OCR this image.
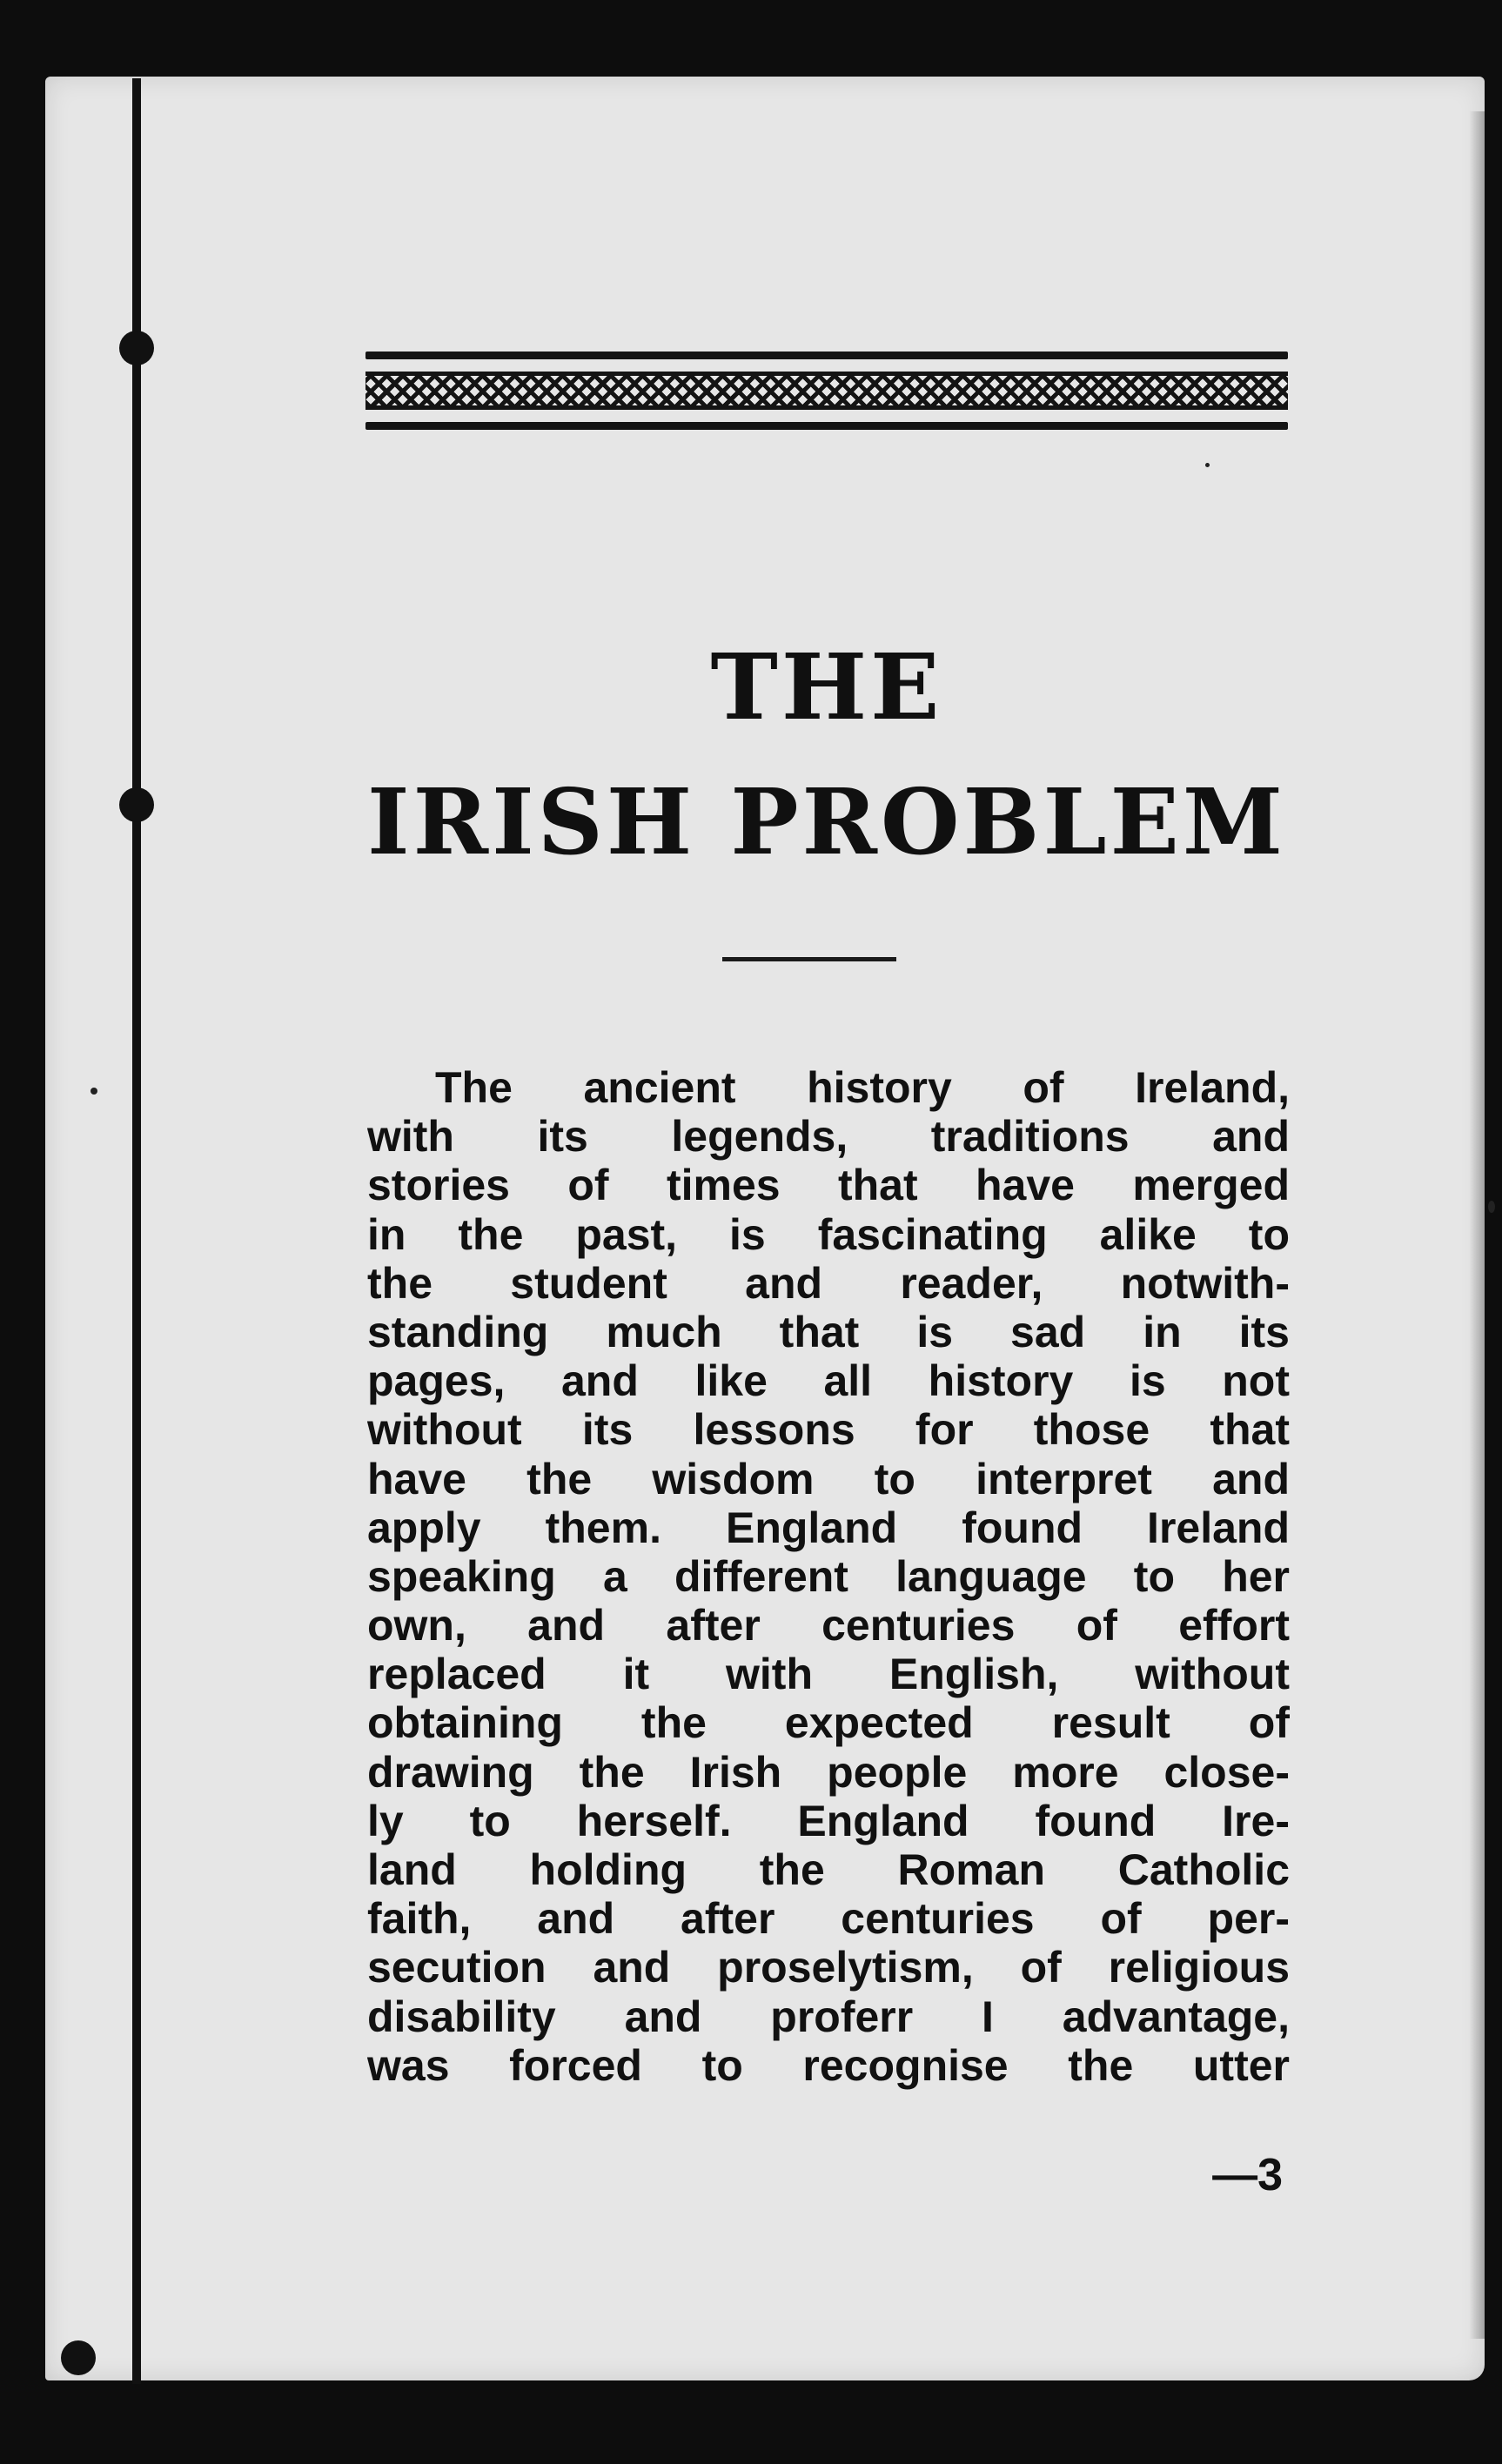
THE
IRISH PROBLEM
The ancient history of Ireland,
with its legends, traditions and
stories of times that have merged
in the past, is fascinating alike to
the student and reader, notwith-
standing much that is sad in its
pages, and like all history is not
without its lessons for those that
have the wisdom to interpret and
apply them. England found Ireland
speaking a different language to her
own, and after centuries of effort
replaced it with English, without
obtaining the expected result of
drawing the Irish people more close-
ly to herself. England found Ire-
land holding the Roman Catholic
faith, and after centuries of per-
secution and proselytism, of religious
disability and proferr I advantage,
was forced to recognise the utter
—3
